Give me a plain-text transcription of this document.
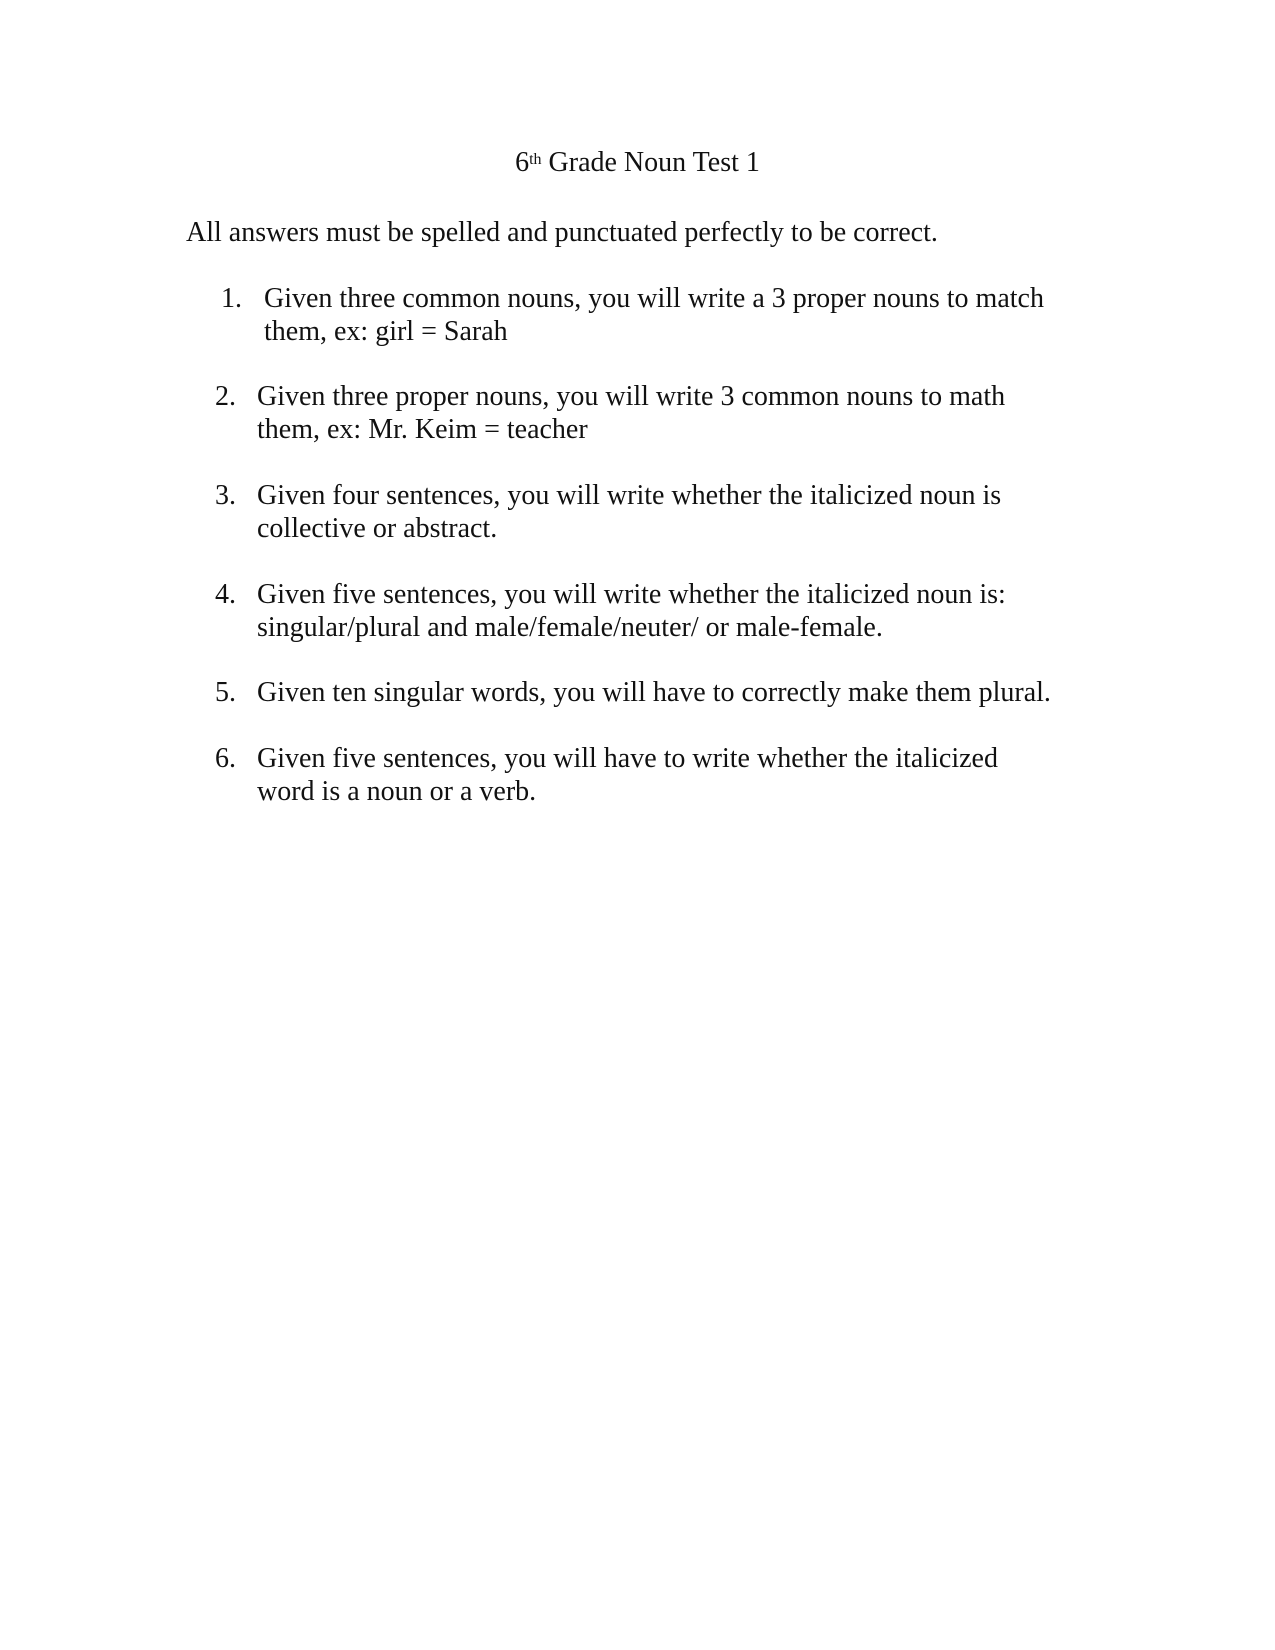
6th Grade Noun Test 1
All answers must be spelled and punctuated perfectly to be correct.
1. Given three common nouns, you will write a 3 proper nouns to match
them, ex: girl = Sarah
2. Given three proper nouns, you will write 3 common nouns to math
them, ex: Mr. Keim = teacher
3. Given four sentences, you will write whether the italicized noun is
collective or abstract.
4. Given five sentences, you will write whether the italicized noun is:
singular/plural and male/female/neuter/ or male-female.
5. Given ten singular words, you will have to correctly make them plural.
6. Given five sentences, you will have to write whether the italicized
word is a noun or a verb.
